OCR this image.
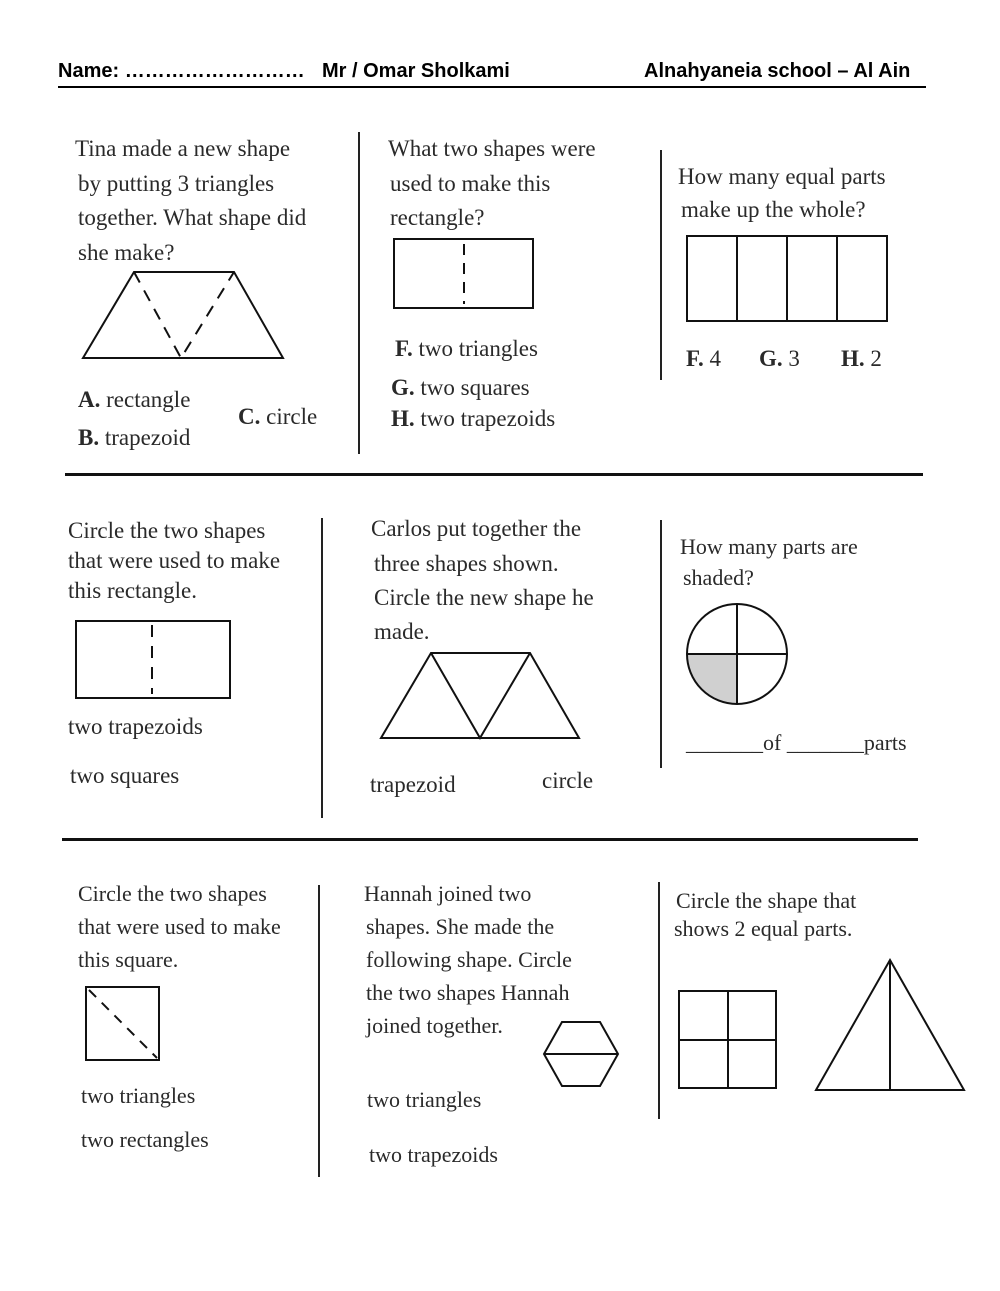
Name: ……………………… Mr / Omar Sholkami	Alnahyaneia school – Al Ain
Tina made a new shape
by putting 3 triangles
together. What shape did
she make?
A. rectangle
B. trapezoid
C. circle
What two shapes were
used to make this
rectangle?
F. two triangles
G. two squares
H. two trapezoids
How many equal parts
make up the whole?
F. 4 G. 3 H. 2
Circle the two shapes
that were used to make
this rectangle.
two trapezoids
two squares
Carlos put together the
three shapes shown.
Circle the new shape he
made.
trapezoid	circle
How many parts are
shaded?
_______of _______parts
Circle the two shapes
that were used to make
this square.
two triangles
two rectangles
Hannah joined two
shapes. She made the
following shape. Circle
the two shapes Hannah
joined together.
two triangles
two trapezoids
Circle the shape that
shows 2 equal parts.
